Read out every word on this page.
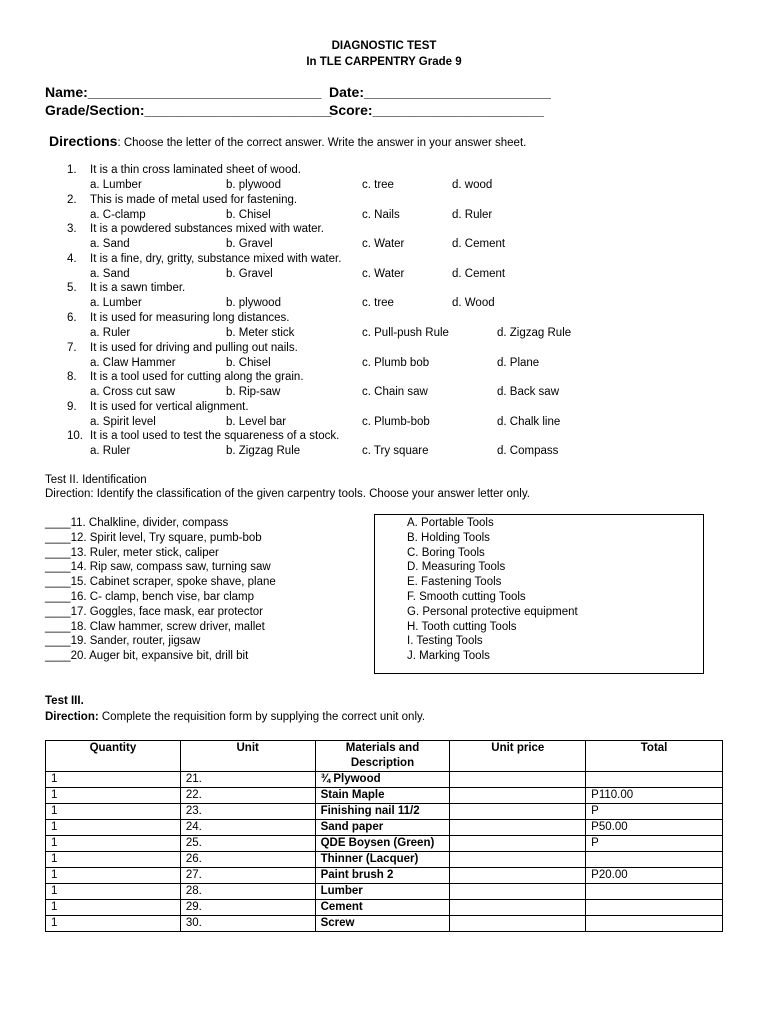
DIAGNOSTIC TEST
In TLE CARPENTRY Grade 9
Name:______________________________ Date:________________________
Grade/Section:________________________
Score:______________________
Directions: Choose the letter of the correct answer. Write the answer in your answer sheet.
1. It is a thin cross laminated sheet of wood.
a. Lumber	b. plywood	c. tree	d. wood
2. This is made of metal used for fastening.
a. C-clamp	b. Chisel	c. Nails	d. Ruler
3. It is a powdered substances mixed with water.
a. Sand	b. Gravel	c. Water	d. Cement
4. It is a fine, dry, gritty, substance mixed with water.
a. Sand	b. Gravel	c. Water	d. Cement
5. It is a sawn timber.
a. Lumber	b. plywood	c. tree	d. Wood
6. It is used for measuring long distances.
a. Ruler	b. Meter stick	c. Pull-push Rule	d. Zigzag Rule
7. It is used for driving and pulling out nails.
a. Claw Hammer	b. Chisel	c. Plumb bob	d. Plane
8. It is a tool used for cutting along the grain.
a. Cross cut saw	b. Rip-saw	c. Chain saw	d. Back saw
9. It is used for vertical alignment.
a. Spirit level	b. Level bar	c. Plumb-bob	d. Chalk line
10. It is a tool used to test the squareness of a stock.
a. Ruler	b. Zigzag Rule	c. Try square	d. Compass
Test II. Identification
Direction: Identify the classification of the given carpentry tools. Choose your answer letter only.
____11. Chalkline, divider, compass
____12. Spirit level, Try square, pumb-bob
____13. Ruler, meter stick, caliper
____14. Rip saw, compass saw, turning saw
____15. Cabinet scraper, spoke shave, plane
____16. C- clamp, bench vise, bar clamp
____17. Goggles, face mask, ear protector
____18. Claw hammer, screw driver, mallet
____19. Sander, router, jigsaw
____20. Auger bit, expansive bit, drill bit
A. Portable Tools
B. Holding Tools
C. Boring Tools
D. Measuring Tools
E. Fastening Tools
F. Smooth cutting Tools
G. Personal protective equipment
H. Tooth cutting Tools
I. Testing Tools
J. Marking Tools
Test III.
Direction: Complete the requisition form by supplying the correct unit only.
Quantity	Unit	Materials and Description	Unit price	Total
1	21.	¾ Plywood		
1	22.	Stain Maple		P110.00
1	23.	Finishing nail 11/2		P
1	24.	Sand paper		P50.00
1	25.	QDE Boysen (Green)		P
1	26.	Thinner (Lacquer)		
1	27.	Paint brush 2		P20.00
1	28.	Lumber		
1	29.	Cement		
1	30.	Screw		
